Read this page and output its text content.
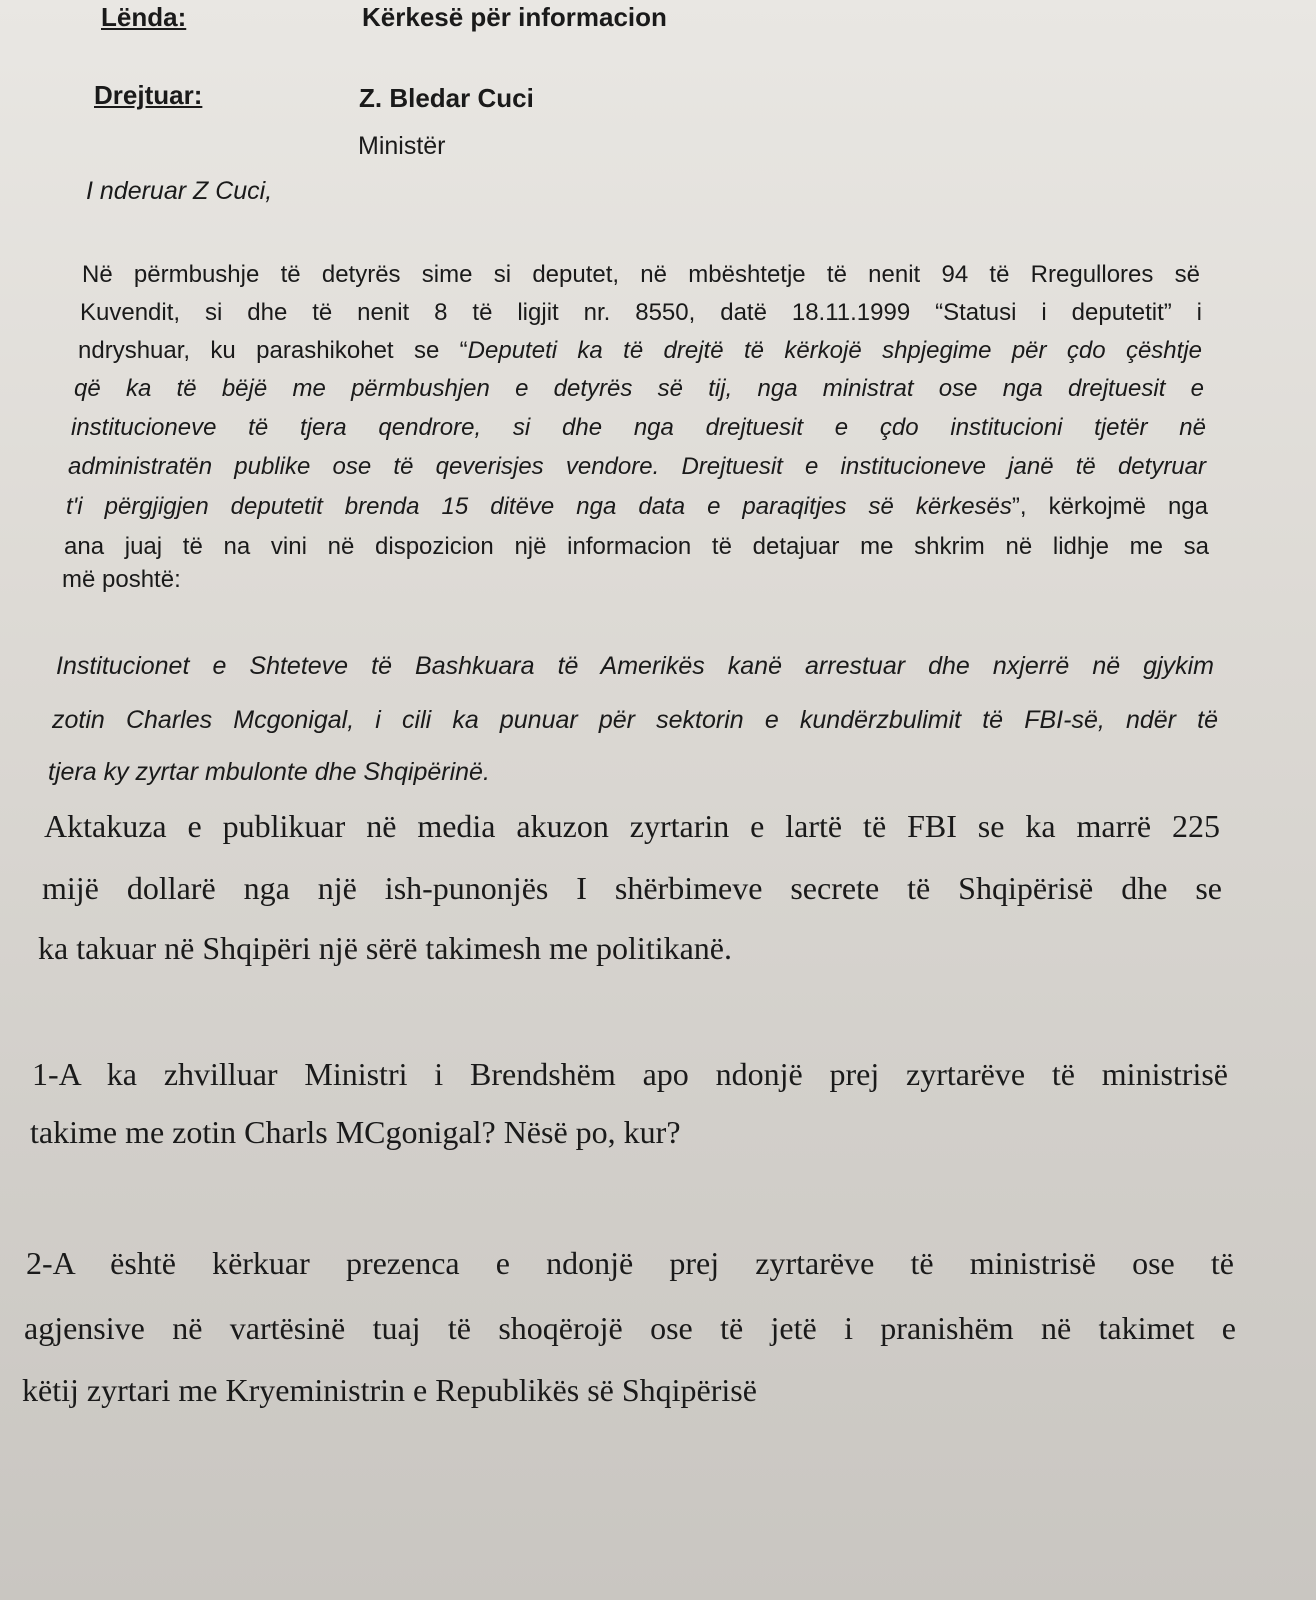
Lënda:	Kërkesë për informacion
Drejtuar:	Z. Bledar Cuci
Ministër
I nderuar Z Cuci,
Në përmbushje të detyrës sime si deputet, në mbështetje të nenit 94 të Rregullores së
Kuvendit, si dhe të nenit 8 të ligjit nr. 8550, datë 18.11.1999 “Statusi i deputetit” i
ndryshuar, ku parashikohet se “Deputeti ka të drejtë të kërkojë shpjegime për çdo çështje
që ka të bëjë me përmbushjen e detyrës së tij, nga ministrat ose nga drejtuesit e
institucioneve të tjera qendrore, si dhe nga drejtuesit e çdo institucioni tjetër në
administratën publike ose të qeverisjes vendore. Drejtuesit e institucioneve janë të detyruar
t'i përgjigjen deputetit brenda 15 ditëve nga data e paraqitjes së kërkesës”, kërkojmë nga
ana juaj të na vini në dispozicion një informacion të detajuar me shkrim në lidhje me sa
më poshtë:
Institucionet e Shteteve të Bashkuara të Amerikës kanë arrestuar dhe nxjerrë në gjykim
zotin Charles Mcgonigal, i cili ka punuar për sektorin e kundërzbulimit të FBI-së, ndër të
tjera ky zyrtar mbulonte dhe Shqipërinë.
Aktakuza e publikuar në media akuzon zyrtarin e lartë të FBI se ka marrë 225
mijë dollarë nga një ish-punonjës I shërbimeve secrete të Shqipërisë dhe se
ka takuar në Shqipëri një sërë takimesh me politikanë.
1-A ka zhvilluar Ministri i Brendshëm apo ndonjë prej zyrtarëve të ministrisë
takime me zotin Charls MCgonigal? Nësë po, kur?
2-A është kërkuar prezenca e ndonjë prej zyrtarëve të ministrisë ose të
agjensive në vartësinë tuaj të shoqërojë ose të jetë i pranishëm në takimet e
këtij zyrtari me Kryeministrin e Republikës së Shqipërisë
